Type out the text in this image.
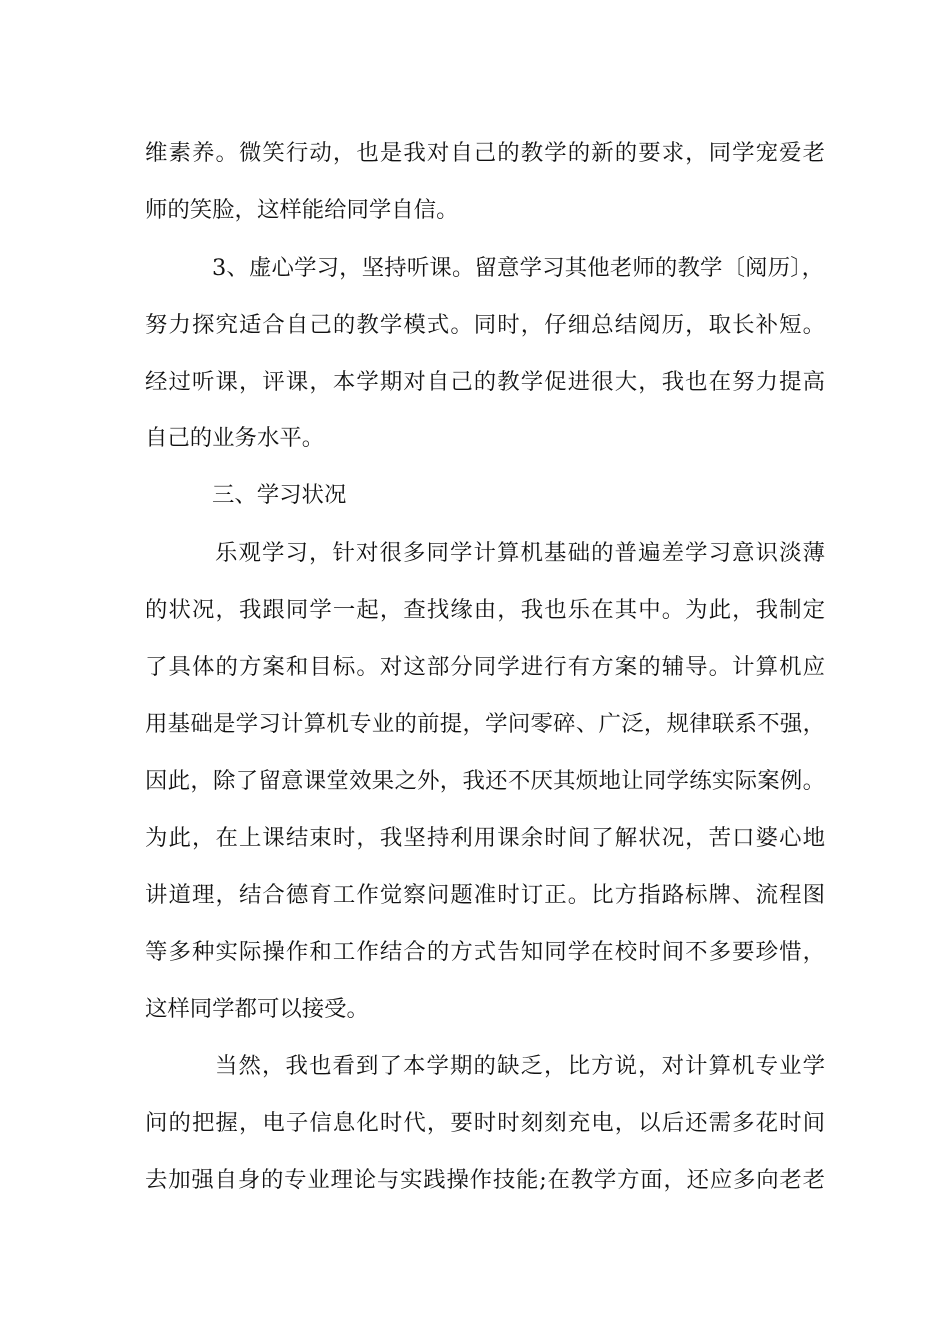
维素养。微笑行动，也是我对自己的教学的新的要求，同学宠爱老
师的笑脸，这样能给同学自信。
3、虚心学习，坚持听课。留意学习其他老师的教学〔阅历〕，
努力探究适合自己的教学模式。同时，仔细总结阅历，取长补短。
经过听课，评课，本学期对自己的教学促进很大，我也在努力提高
自己的业务水平。
三、学习状况
乐观学习，针对很多同学计算机基础的普遍差学习意识淡薄
的状况，我跟同学一起，查找缘由，我也乐在其中。为此，我制定
了具体的方案和目标。对这部分同学进行有方案的辅导。计算机应
用基础是学习计算机专业的前提，学问零碎、广泛，规律联系不强，
因此，除了留意课堂效果之外，我还不厌其烦地让同学练实际案例。
为此，在上课结束时，我坚持利用课余时间了解状况，苦口婆心地
讲道理，结合德育工作觉察问题准时订正。比方指路标牌、流程图
等多种实际操作和工作结合的方式告知同学在校时间不多要珍惜，
这样同学都可以接受。
当然，我也看到了本学期的缺乏，比方说，对计算机专业学
问的把握，电子信息化时代，要时时刻刻充电，以后还需多花时间
去加强自身的专业理论与实践操作技能;在教学方面，还应多向老老
